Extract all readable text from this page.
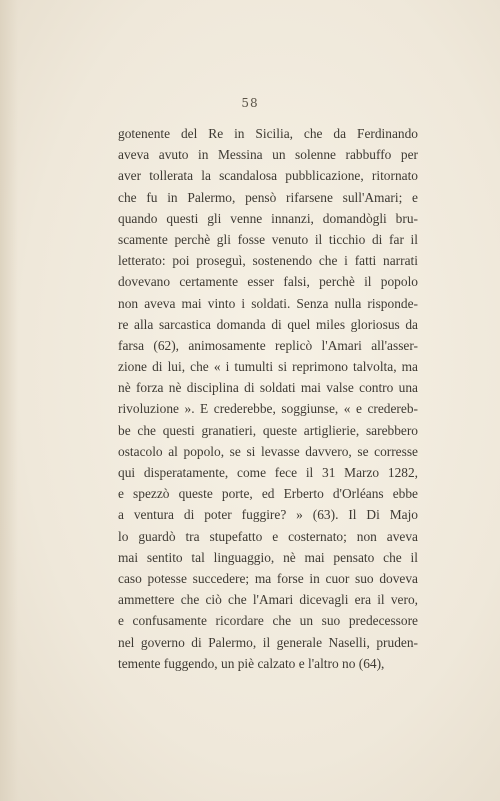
58
gotenente del Re in Sicilia, che da Ferdinando
aveva avuto in Messina un solenne rabbuffo per
aver tollerata la scandalosa pubblicazione, ritornato
che fu in Palermo, pensò rifarsene sull'Amari; e
quando questi gli venne innanzi, domandògli bru-
scamente perchè gli fosse venuto il ticchio di far il
letterato: poi proseguì, sostenendo che i fatti narrati
dovevano certamente esser falsi, perchè il popolo
non aveva mai vinto i soldati. Senza nulla risponde-
re alla sarcastica domanda di quel miles gloriosus da
farsa (62), animosamente replicò l'Amari all'asser-
zione di lui, che « i tumulti si reprimono talvolta, ma
nè forza nè disciplina di soldati mai valse contro una
rivoluzione ». E crederebbe, soggiunse, « e credereb-
be che questi granatieri, queste artiglierie, sarebbero
ostacolo al popolo, se si levasse davvero, se corresse
qui disperatamente, come fece il 31 Marzo 1282,
e spezzò queste porte, ed Erberto d'Orléans ebbe
a ventura di poter fuggire? » (63). Il Di Majo
lo guardò tra stupefatto e costernato; non aveva
mai sentito tal linguaggio, nè mai pensato che il
caso potesse succedere; ma forse in cuor suo doveva
ammettere che ciò che l'Amari dicevagli era il vero,
e confusamente ricordare che un suo predecessore
nel governo di Palermo, il generale Naselli, pruden-
temente fuggendo, un piè calzato e l'altro no (64),
